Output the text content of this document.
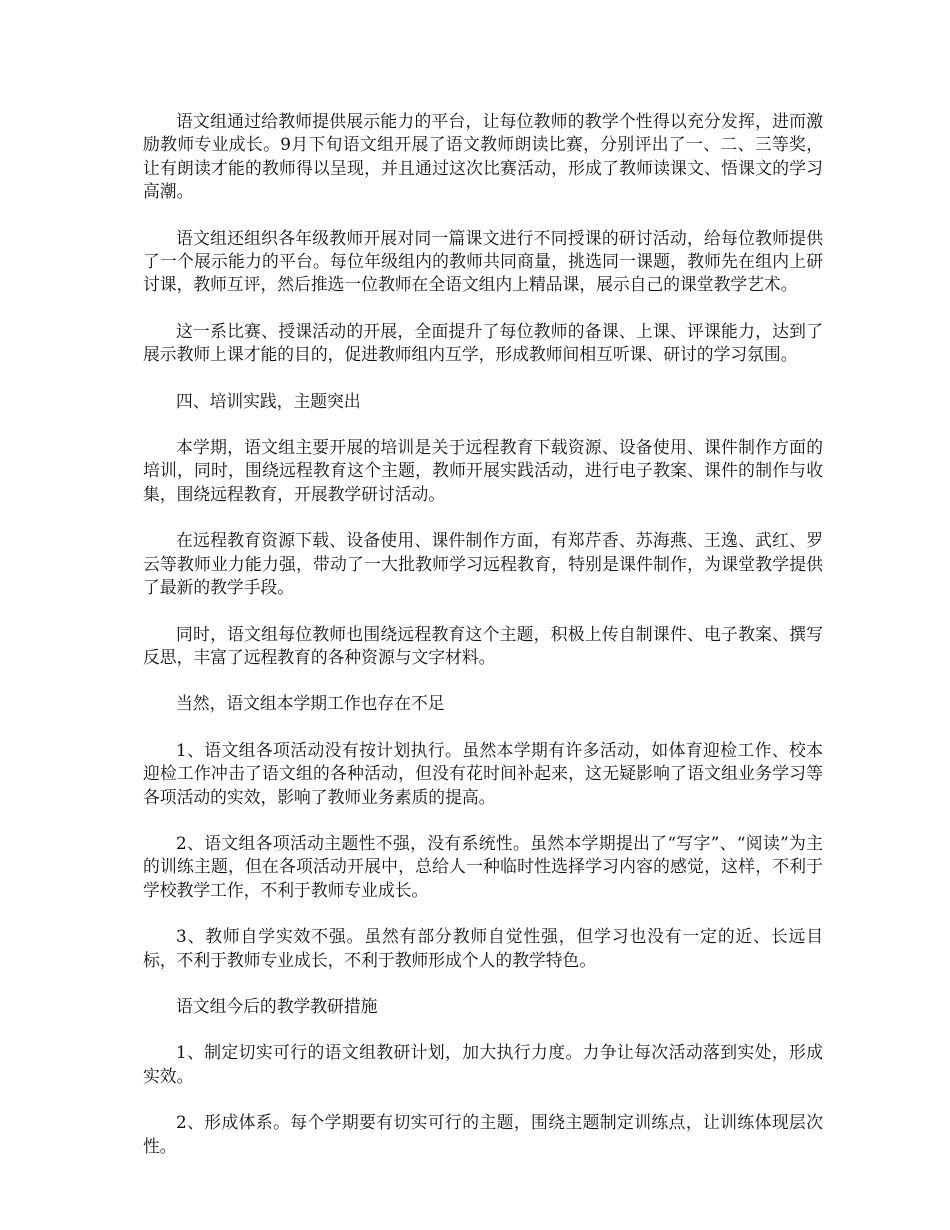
语文组通过给教师提供展示能力的平台，让每位教师的教学个性得以充分发挥，进而激励教师专业成长。9月下旬语文组开展了语文教师朗读比赛，分别评出了一、二、三等奖，让有朗读才能的教师得以呈现，并且通过这次比赛活动，形成了教师读课文、悟课文的学习高潮。

语文组还组织各年级教师开展对同一篇课文进行不同授课的研讨活动，给每位教师提供了一个展示能力的平台。每位年级组内的教师共同商量，挑选同一课题，教师先在组内上研讨课，教师互评，然后推选一位教师在全语文组内上精品课，展示自己的课堂教学艺术。

这一系比赛、授课活动的开展，全面提升了每位教师的备课、上课、评课能力，达到了展示教师上课才能的目的，促进教师组内互学，形成教师间相互听课、研讨的学习氛围。

四、培训实践，主题突出

本学期，语文组主要开展的培训是关于远程教育下载资源、设备使用、课件制作方面的培训，同时，围绕远程教育这个主题，教师开展实践活动，进行电子教案、课件的制作与收集，围绕远程教育，开展教学研讨活动。

在远程教育资源下载、设备使用、课件制作方面，有郑芹香、苏海燕、王逸、武红、罗云等教师业力能力强，带动了一大批教师学习远程教育，特别是课件制作，为课堂教学提供了最新的教学手段。

同时，语文组每位教师也围绕远程教育这个主题，积极上传自制课件、电子教案、撰写反思，丰富了远程教育的各种资源与文字材料。

当然，语文组本学期工作也存在不足

1、语文组各项活动没有按计划执行。虽然本学期有许多活动，如体育迎检工作、校本迎检工作冲击了语文组的各种活动，但没有花时间补起来，这无疑影响了语文组业务学习等各项活动的实效，影响了教师业务素质的提高。

2、语文组各项活动主题性不强，没有系统性。虽然本学期提出了“写字”、“阅读”为主的训练主题，但在各项活动开展中，总给人一种临时性选择学习内容的感觉，这样，不利于学校教学工作，不利于教师专业成长。

3、教师自学实效不强。虽然有部分教师自觉性强，但学习也没有一定的近、长远目标，不利于教师专业成长，不利于教师形成个人的教学特色。

语文组今后的教学教研措施

1、制定切实可行的语文组教研计划，加大执行力度。力争让每次活动落到实处，形成实效。

2、形成体系。每个学期要有切实可行的主题，围绕主题制定训练点，让训练体现层次性。
